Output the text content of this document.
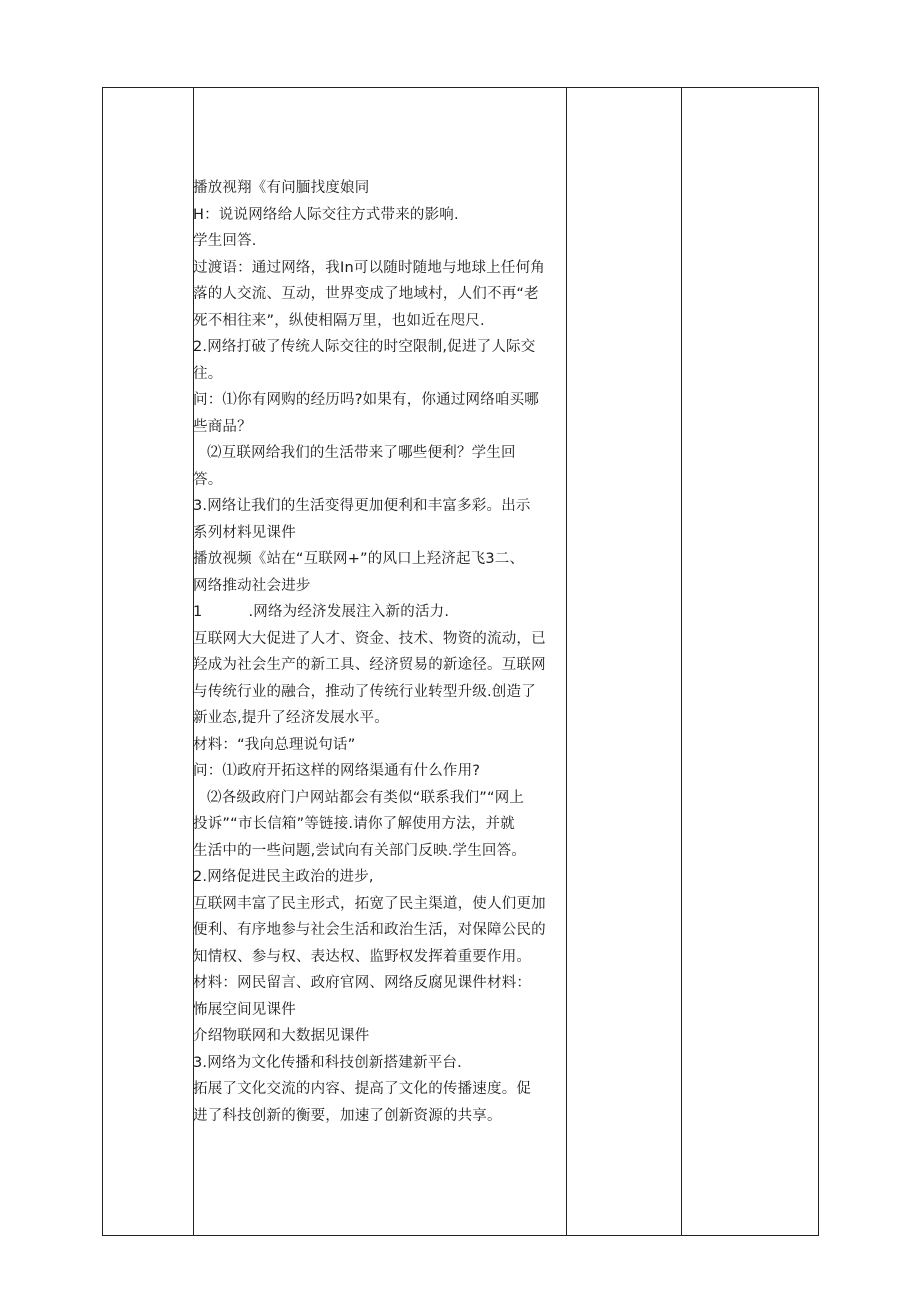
播放视翔《有问腼找度娘同
H：说说网络给人际交往方式带来的影响.
学生回答.
过渡语：通过网络，我In可以随时随地与地球上任何角
落的人交流、互动，世界变成了地域村，人们不再“老
死不相往来”，纵使相隔万里，也如近在咫尺.
2.网络打破了传统人际交往的时空限制,促进了人际交
往。
问：⑴你有网购的经历吗?如果有，你通过网络咱买哪
些商品？
⑵互联网给我们的生活带来了哪些便利？学生回
答。
3.网络让我们的生活变得更加便利和丰富多彩。出示
系列材料见课件
播放视频《站在“互联网+”的风口上羟济起飞3二、
网络推动社会进步
1	.网络为经济发展注入新的活力.
互联网大大促进了人才、资金、技术、物资的流动，已
羟成为社会生产的新工具、经济贸易的新途径。互联网
与传统行业的融合，推动了传统行业转型升级.创造了
新业态,提升了经济发展水平。
材料：“我向总理说句话”
问：⑴政府开拓这样的网络渠通有什么作用?
⑵各级政府门户网站都会有类似“联系我们”“网上
投诉”“市长信箱”等链接.请你了解使用方法，并就
生活中的一些问题,尝试向有关部门反映.学生回答。
2.网络促进民主政治的进步,
互联网丰富了民主形式，拓宽了民主渠道，使人们更加
便利、有序地参与社会生活和政治生活，对保障公民的
知情权、参与权、表达权、监野权发挥着重要作用。
材料：网民留言、政府官网、网络反腐见课件材料：
怖展空间见课件
介绍物联网和大数据见课件
3.网络为文化传播和科技创新搭建新平台.
拓展了文化交流的内容、提高了文化的传播速度。促
进了科技创新的衡要，加速了创新资源的共享。
